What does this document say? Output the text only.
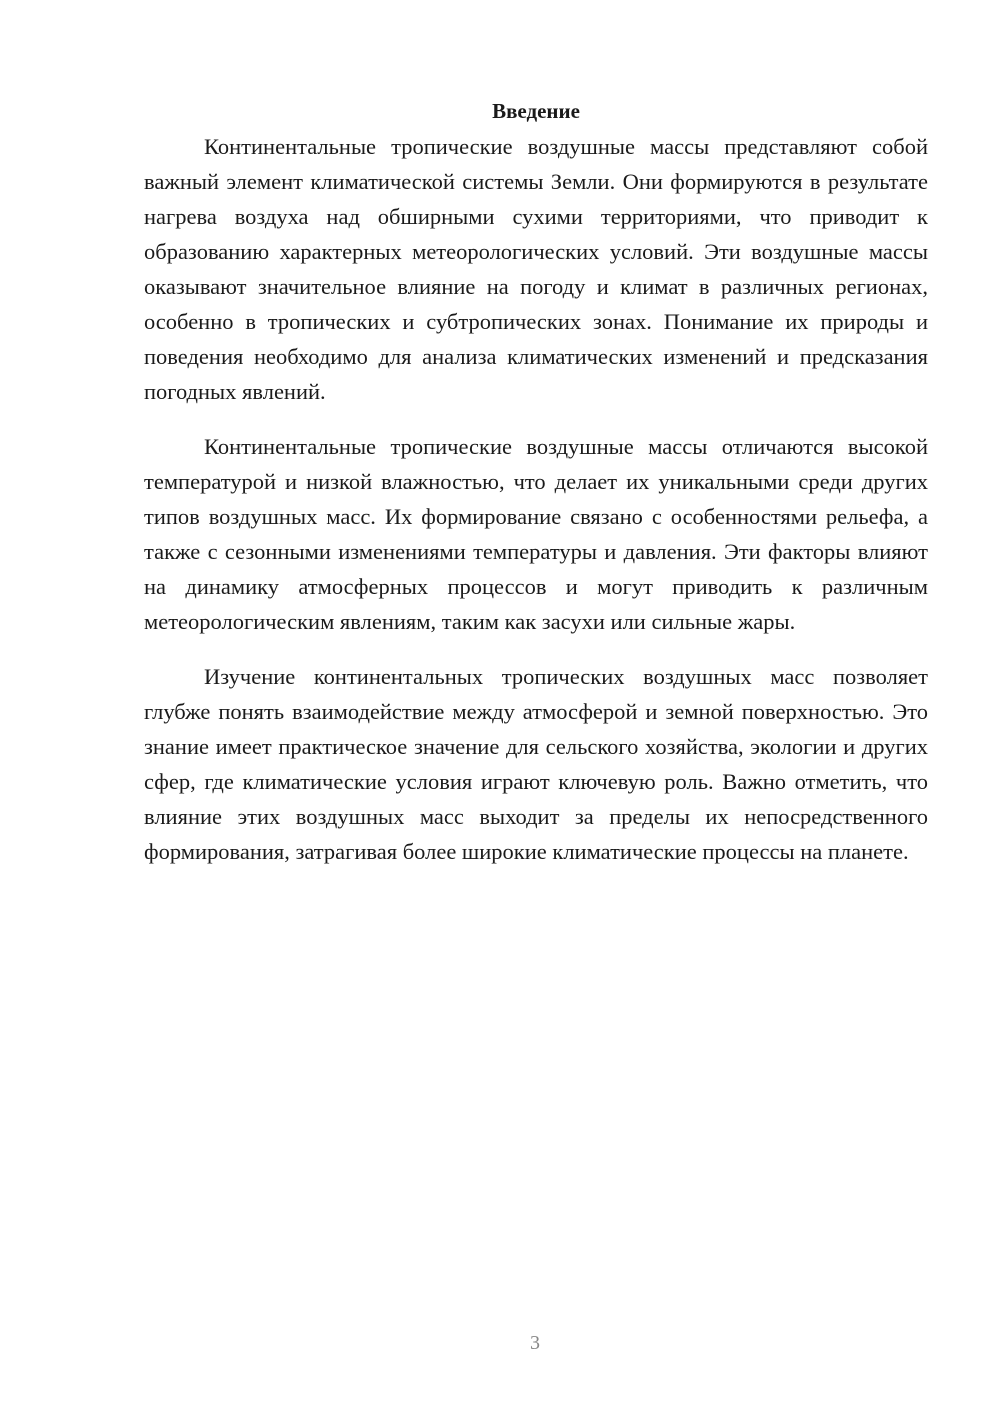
Введение

Континентальные тропические воздушные массы представляют собой важный элемент климатической системы Земли. Они формируются в результате нагрева воздуха над обширными сухими территориями, что приводит к образованию характерных метеорологических условий. Эти воздушные массы оказывают значительное влияние на погоду и климат в различных регионах, особенно в тропических и субтропических зонах. Понимание их природы и поведения необходимо для анализа климатических изменений и предсказания погодных явлений.

Континентальные тропические воздушные массы отличаются высокой температурой и низкой влажностью, что делает их уникальными среди других типов воздушных масс. Их формирование связано с особенностями рельефа, а также с сезонными изменениями температуры и давления. Эти факторы влияют на динамику атмосферных процессов и могут приводить к различным метеорологическим явлениям, таким как засухи или сильные жары.

Изучение континентальных тропических воздушных масс позволяет глубже понять взаимодействие между атмосферой и земной поверхностью. Это знание имеет практическое значение для сельского хозяйства, экологии и других сфер, где климатические условия играют ключевую роль. Важно отметить, что влияние этих воздушных масс выходит за пределы их непосредственного формирования, затрагивая более широкие климатические процессы на планете.

3
